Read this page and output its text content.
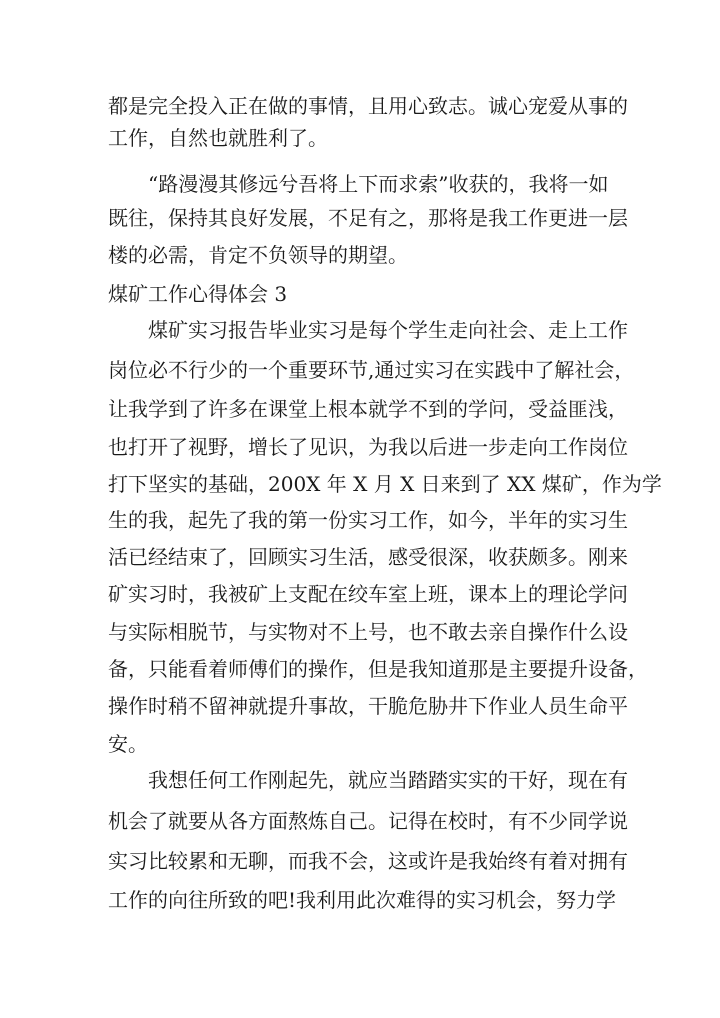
都是完全投入正在做的事情，且用心致志。诚心宠爱从事的
工作，自然也就胜利了。
“路漫漫其修远兮吾将上下而求索”收获的，我将一如
既往，保持其良好发展，不足有之，那将是我工作更进一层
楼的必需，肯定不负领导的期望。
煤矿工作心得体会 3
煤矿实习报告毕业实习是每个学生走向社会、走上工作
岗位必不行少的一个重要环节,通过实习在实践中了解社会，
让我学到了许多在课堂上根本就学不到的学问，受益匪浅，
也打开了视野，增长了见识，为我以后进一步走向工作岗位
打下坚实的基础，200X 年 X 月 X 日来到了 XX 煤矿，作为学
生的我，起先了我的第一份实习工作，如今，半年的实习生
活已经结束了，回顾实习生活，感受很深，收获颇多。刚来
矿实习时，我被矿上支配在绞车室上班，课本上的理论学问
与实际相脱节，与实物对不上号，也不敢去亲自操作什么设
备，只能看着师傅们的操作，但是我知道那是主要提升设备，
操作时稍不留神就提升事故，干脆危胁井下作业人员生命平
安。
我想任何工作刚起先，就应当踏踏实实的干好，现在有
机会了就要从各方面熬炼自己。记得在校时，有不少同学说
实习比较累和无聊，而我不会，这或许是我始终有着对拥有
工作的向往所致的吧!我利用此次难得的实习机会，努力学
